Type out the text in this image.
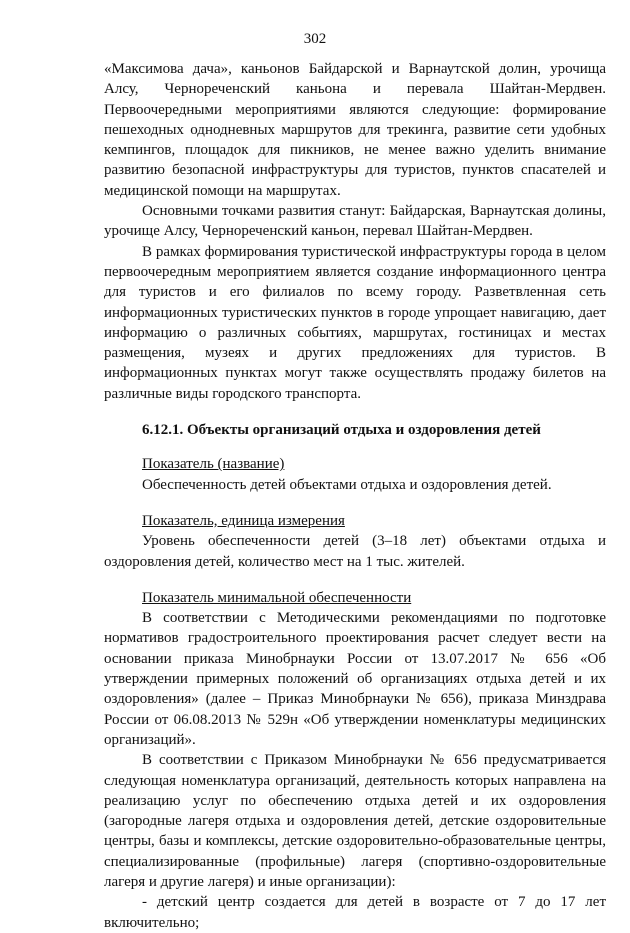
302

«Максимова дача», каньонов Байдарской и Варнаутской долин, урочища Алсу, Чернореченский каньона и перевала Шайтан-Мердвен. Первоочередными мероприятиями являются следующие: формирование пешеходных однодневных маршрутов для трекинга, развитие сети удобных кемпингов, площадок для пикников, не менее важно уделить внимание развитию безопасной инфраструктуры для туристов, пунктов спасателей и медицинской помощи на маршрутах.

Основными точками развития станут: Байдарская, Варнаутская долины, урочище Алсу, Чернореченский каньон, перевал Шайтан-Мердвен.

В рамках формирования туристической инфраструктуры города в целом первоочередным мероприятием является создание информационного центра для туристов и его филиалов по всему городу. Разветвленная сеть информационных туристических пунктов в городе упрощает навигацию, дает информацию о различных событиях, маршрутах, гостиницах и местах размещения, музеях и других предложениях для туристов. В информационных пунктах могут также осуществлять продажу билетов на различные виды городского транспорта.

6.12.1. Объекты организаций отдыха и оздоровления детей

Показатель (название)

Обеспеченность детей объектами отдыха и оздоровления детей.

Показатель, единица измерения

Уровень обеспеченности детей (3–18 лет) объектами отдыха и оздоровления детей, количество мест на 1 тыс. жителей.

Показатель минимальной обеспеченности

В соответствии с Методическими рекомендациями по подготовке нормативов градостроительного проектирования расчет следует вести на основании приказа Минобрнауки России от 13.07.2017 № 656 «Об утверждении примерных положений об организациях отдыха детей и их оздоровления» (далее – Приказ Минобрнауки № 656), приказа Минздрава России от 06.08.2013 № 529н «Об утверждении номенклатуры медицинских организаций».

В соответствии с Приказом Минобрнауки № 656 предусматривается следующая номенклатура организаций, деятельность которых направлена на реализацию услуг по обеспечению отдыха детей и их оздоровления (загородные лагеря отдыха и оздоровления детей, детские оздоровительные центры, базы и комплексы, детские оздоровительно-образовательные центры, специализированные (профильные) лагеря (спортивно-оздоровительные лагеря и другие лагеря) и иные организации):

- детский центр создается для детей в возрасте от 7 до 17 лет включительно;
